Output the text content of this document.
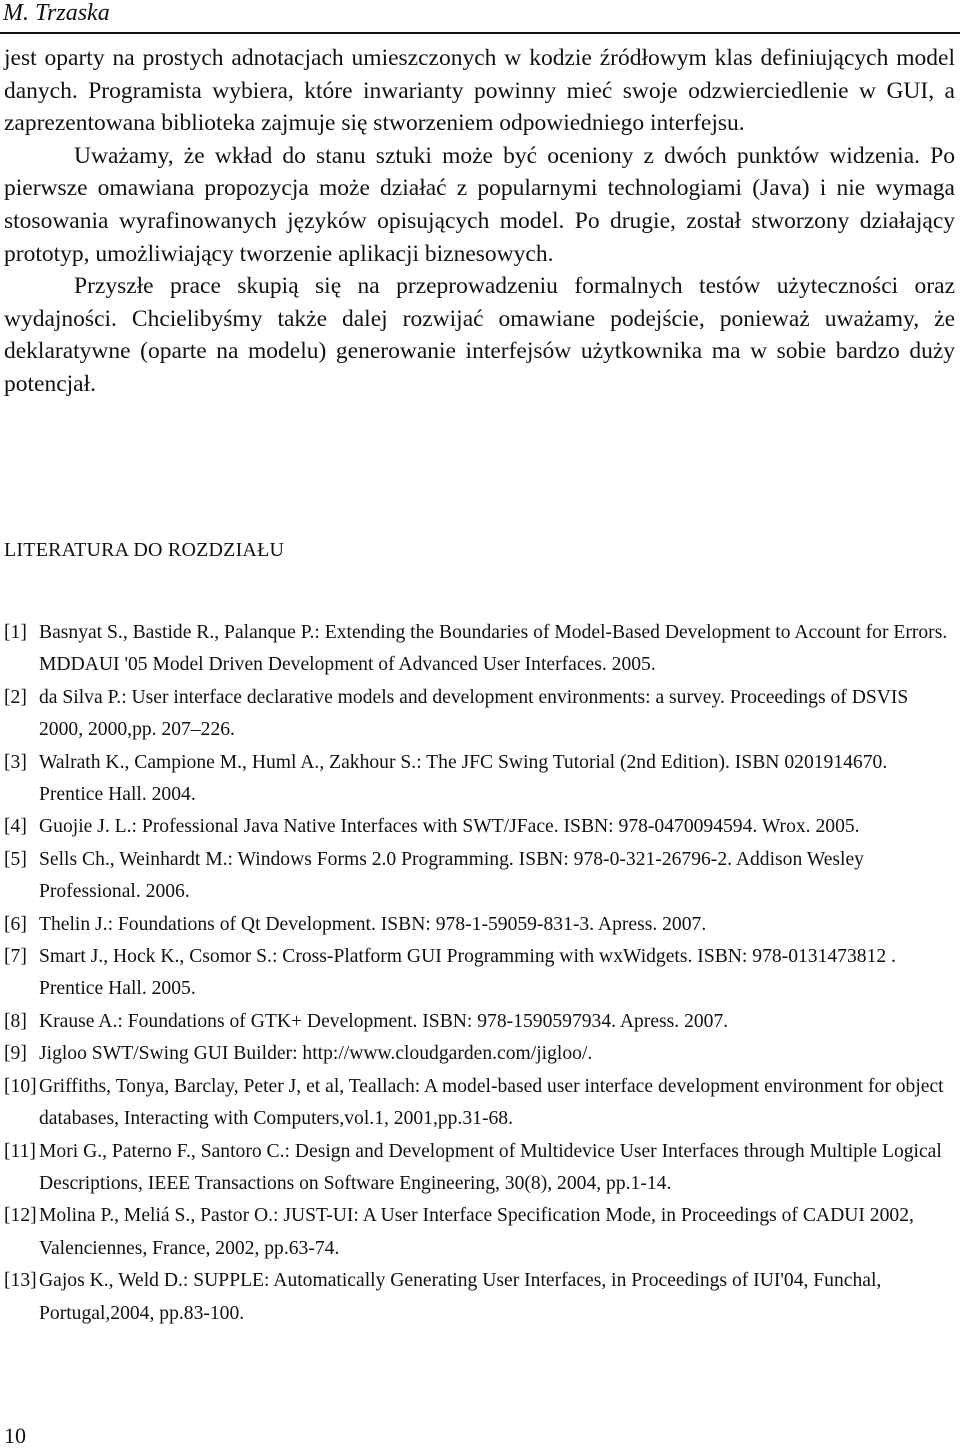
M. Trzaska

jest oparty na prostych adnotacjach umieszczonych w kodzie źródłowym klas definiujących model danych. Programista wybiera, które inwarianty powinny mieć swoje odzwierciedlenie w GUI, a zaprezentowana biblioteka zajmuje się stworzeniem odpowiedniego interfejsu.

Uważamy, że wkład do stanu sztuki może być oceniony z dwóch punktów widzenia. Po pierwsze omawiana propozycja może działać z popularnymi technologiami (Java) i nie wymaga stosowania wyrafinowanych języków opisujących model. Po drugie, został stworzony działający prototyp, umożliwiający tworzenie aplikacji biznesowych.

Przyszłe prace skupią się na przeprowadzeniu formalnych testów użyteczności oraz wydajności. Chcielibyśmy także dalej rozwijać omawiane podejście, ponieważ uważamy, że deklaratywne (oparte na modelu) generowanie interfejsów użytkownika ma w sobie bardzo duży potencjał.

LITERATURA DO ROZDZIAŁU
[1] Basnyat S., Bastide R., Palanque P.: Extending the Boundaries of Model-Based Development to Account for Errors. MDDAUI '05 Model Driven Development of Advanced User Interfaces. 2005.
[2] da Silva P.: User interface declarative models and development environments: a survey. Proceedings of DSVIS 2000, 2000,pp. 207–226.
[3] Walrath K., Campione M., Huml A., Zakhour S.: The JFC Swing Tutorial (2nd Edition). ISBN 0201914670. Prentice Hall. 2004.
[4] Guojie J. L.: Professional Java Native Interfaces with SWT/JFace. ISBN: 978-0470094594. Wrox. 2005.
[5] Sells Ch., Weinhardt M.: Windows Forms 2.0 Programming. ISBN: 978-0-321-26796-2. Addison Wesley Professional. 2006.
[6] Thelin J.: Foundations of Qt Development. ISBN: 978-1-59059-831-3. Apress. 2007.
[7] Smart J., Hock K., Csomor S.: Cross-Platform GUI Programming with wxWidgets. ISBN: 978-0131473812 . Prentice Hall. 2005.
[8] Krause A.: Foundations of GTK+ Development. ISBN: 978-1590597934. Apress. 2007.
[9] Jigloo SWT/Swing GUI Builder: http://www.cloudgarden.com/jigloo/.
[10] Griffiths, Tonya, Barclay, Peter J, et al, Teallach: A model-based user interface development environment for object databases, Interacting with Computers,vol.1, 2001,pp.31-68.
[11] Mori G., Paterno F., Santoro C.: Design and Development of Multidevice User Interfaces through Multiple Logical Descriptions, IEEE Transactions on Software Engineering, 30(8), 2004, pp.1-14.
[12] Molina P., Meliá S., Pastor O.: JUST-UI: A User Interface Specification Mode, in Proceedings of CADUI 2002, Valenciennes, France, 2002, pp.63-74.
[13] Gajos K., Weld D.: SUPPLE: Automatically Generating User Interfaces, in Proceedings of IUI'04, Funchal, Portugal,2004, pp.83-100.
10
